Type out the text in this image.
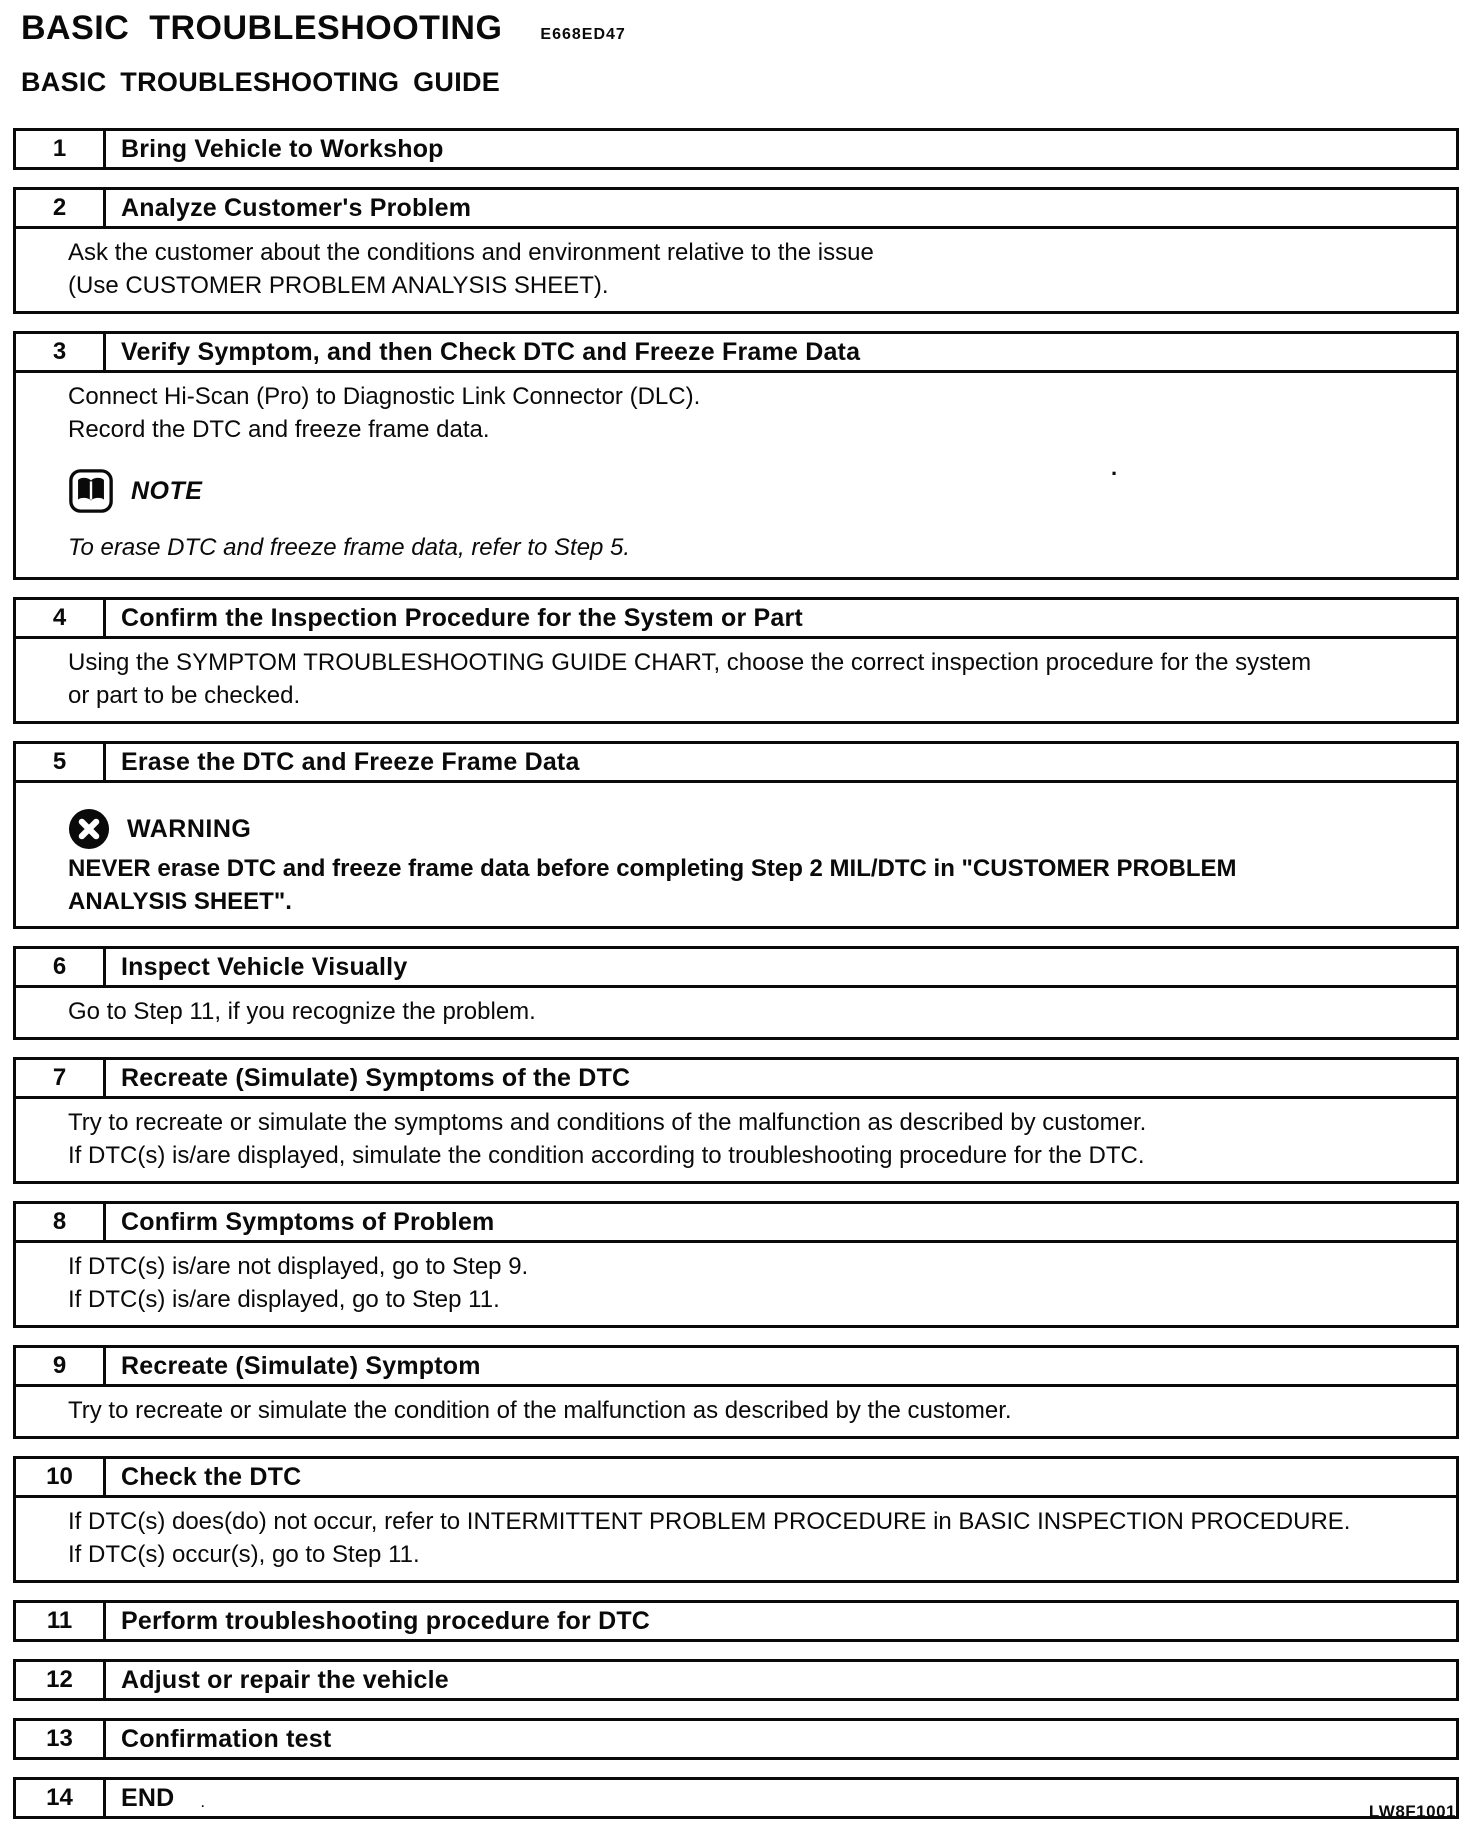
BASIC TROUBLESHOOTING E668ED47
BASIC TROUBLESHOOTING GUIDE
1	Bring Vehicle to Workshop
2	Analyze Customer's Problem
Ask the customer about the conditions and environment relative to the issue
(Use CUSTOMER PROBLEM ANALYSIS SHEET).
3	Verify Symptom, and then Check DTC and Freeze Frame Data
Connect Hi-Scan (Pro) to Diagnostic Link Connector (DLC).
Record the DTC and freeze frame data.
NOTE
To erase DTC and freeze frame data, refer to Step 5.
.
4	Confirm the Inspection Procedure for the System or Part
Using the SYMPTOM TROUBLESHOOTING GUIDE CHART, choose the correct inspection procedure for the system
or part to be checked.
5	Erase the DTC and Freeze Frame Data
WARNING
NEVER erase DTC and freeze frame data before completing Step 2 MIL/DTC in "CUSTOMER PROBLEM
ANALYSIS SHEET".
6	Inspect Vehicle Visually
Go to Step 11, if you recognize the problem.
7	Recreate (Simulate) Symptoms of the DTC
Try to recreate or simulate the symptoms and conditions of the malfunction as described by customer.
If DTC(s) is/are displayed, simulate the condition according to troubleshooting procedure for the DTC.
8	Confirm Symptoms of Problem
If DTC(s) is/are not displayed, go to Step 9.
If DTC(s) is/are displayed, go to Step 11.
9	Recreate (Simulate) Symptom
Try to recreate or simulate the condition of the malfunction as described by the customer.
10	Check the DTC
If DTC(s) does(do) not occur, refer to INTERMITTENT PROBLEM PROCEDURE in BASIC INSPECTION PROCEDURE.
If DTC(s) occur(s), go to Step 11.
11	Perform troubleshooting procedure for DTC
12	Adjust or repair the vehicle
13	Confirmation test
14	END .
LW8F1001
